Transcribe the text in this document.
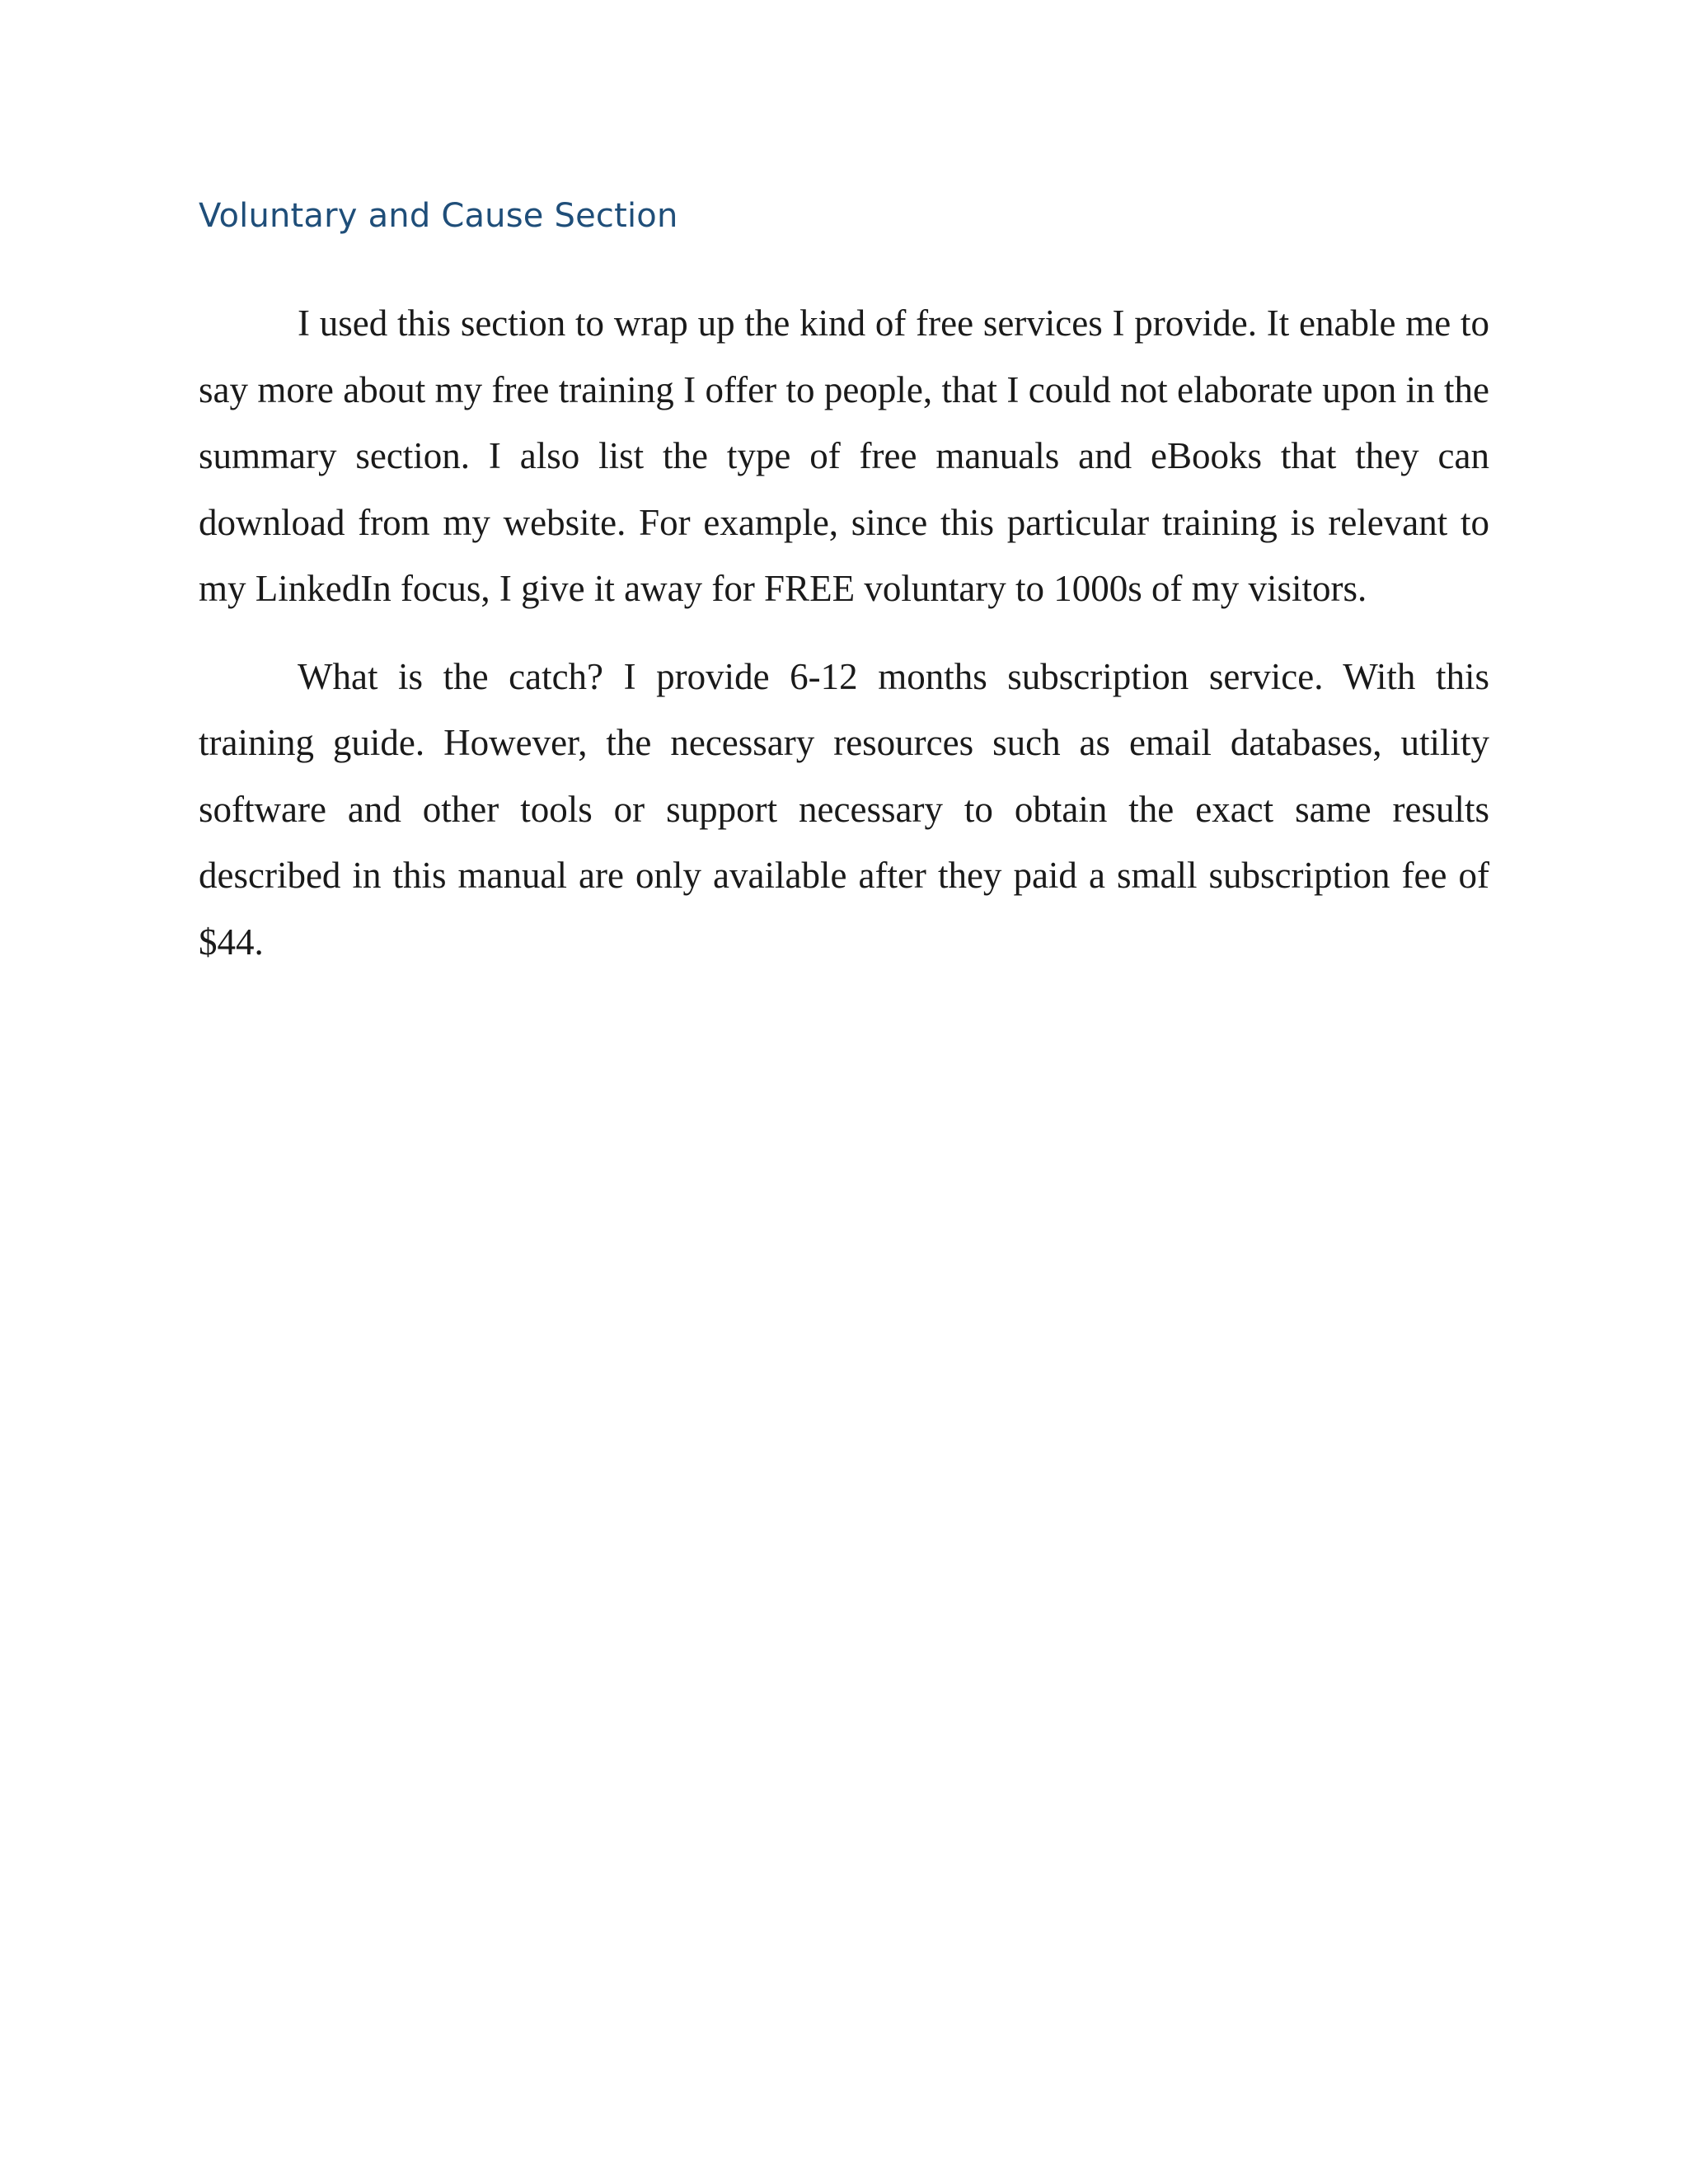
Voluntary and Cause Section

I used this section to wrap up the kind of free services I provide. It enable me to say more about my free training I offer to people, that I could not elaborate upon in the summary section. I also list the type of free manuals and eBooks that they can download from my website. For example, since this particular training is relevant to my LinkedIn focus, I give it away for FREE voluntary to 1000s of my visitors.

What is the catch? I provide 6-12 months subscription service. With this training guide. However, the necessary resources such as email databases, utility software and other tools or support necessary to obtain the exact same results described in this manual are only available after they paid a small subscription fee of $44.
